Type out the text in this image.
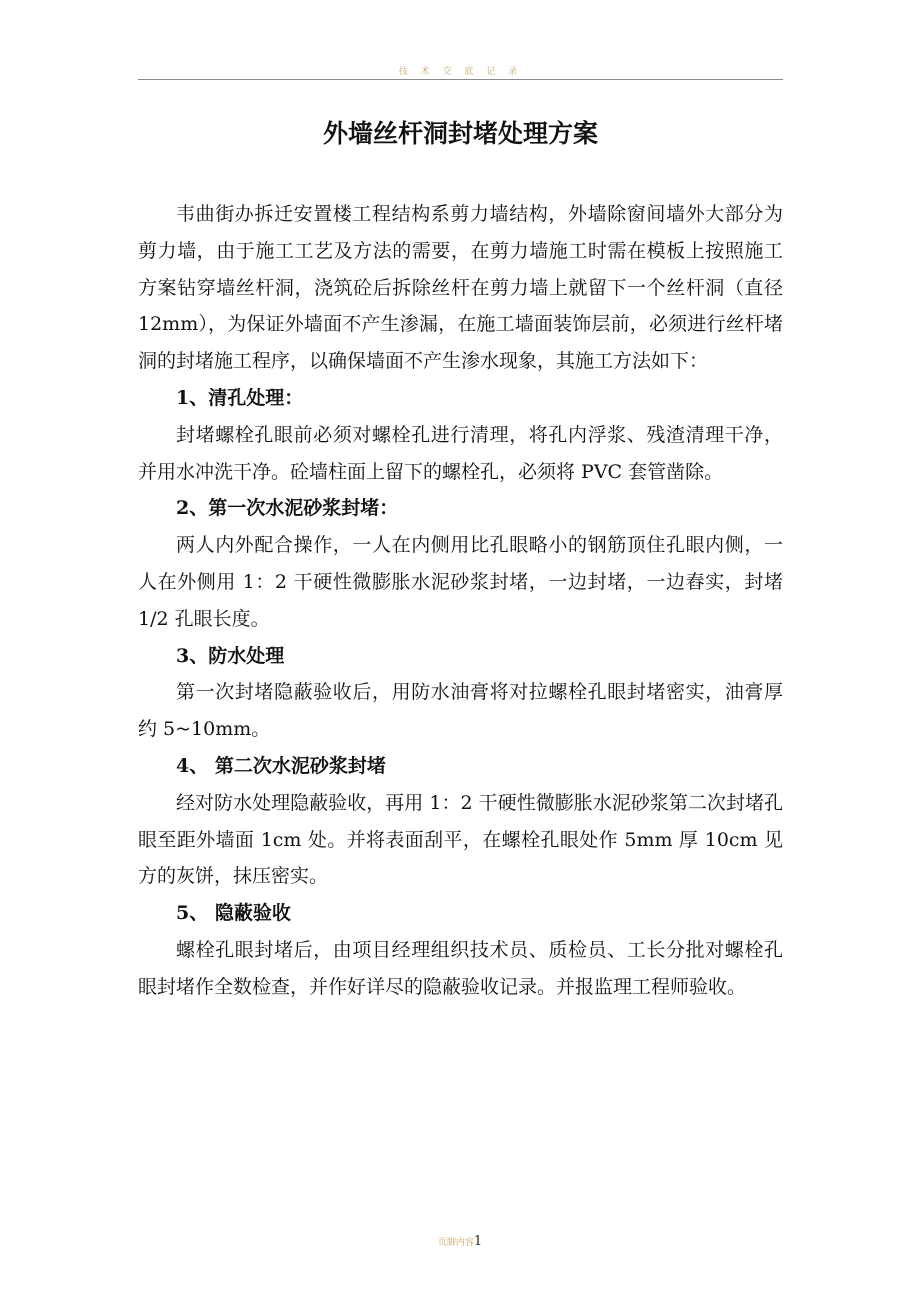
技 术 交 底 记 录
外墙丝杆洞封堵处理方案

韦曲街办拆迁安置楼工程结构系剪力墙结构，外墙除窗间墙外大部分为剪力墙，由于施工工艺及方法的需要，在剪力墙施工时需在模板上按照施工方案钻穿墙丝杆洞，浇筑砼后拆除丝杆在剪力墙上就留下一个丝杆洞（直径 12mm），为保证外墙面不产生渗漏，在施工墙面装饰层前，必须进行丝杆堵洞的封堵施工程序，以确保墙面不产生渗水现象，其施工方法如下：

1、清孔处理：

封堵螺栓孔眼前必须对螺栓孔进行清理，将孔内浮浆、残渣清理干净，并用水冲洗干净。砼墙柱面上留下的螺栓孔，必须将 PVC 套管凿除。

2、第一次水泥砂浆封堵：

两人内外配合操作，一人在内侧用比孔眼略小的钢筋顶住孔眼内侧，一人在外侧用 1：2 干硬性微膨胀水泥砂浆封堵，一边封堵，一边舂实，封堵 1/2 孔眼长度。

3、防水处理

第一次封堵隐蔽验收后，用防水油膏将对拉螺栓孔眼封堵密实，油膏厚约 5~10mm。

4、 第二次水泥砂浆封堵

经对防水处理隐蔽验收，再用 1：2 干硬性微膨胀水泥砂浆第二次封堵孔眼至距外墙面 1cm 处。并将表面刮平，在螺栓孔眼处作 5mm 厚 10cm 见方的灰饼，抹压密实。

5、 隐蔽验收

螺栓孔眼封堵后，由项目经理组织技术员、质检员、工长分批对螺栓孔眼封堵作全数检查，并作好详尽的隐蔽验收记录。并报监理工程师验收。

页脚内容1
